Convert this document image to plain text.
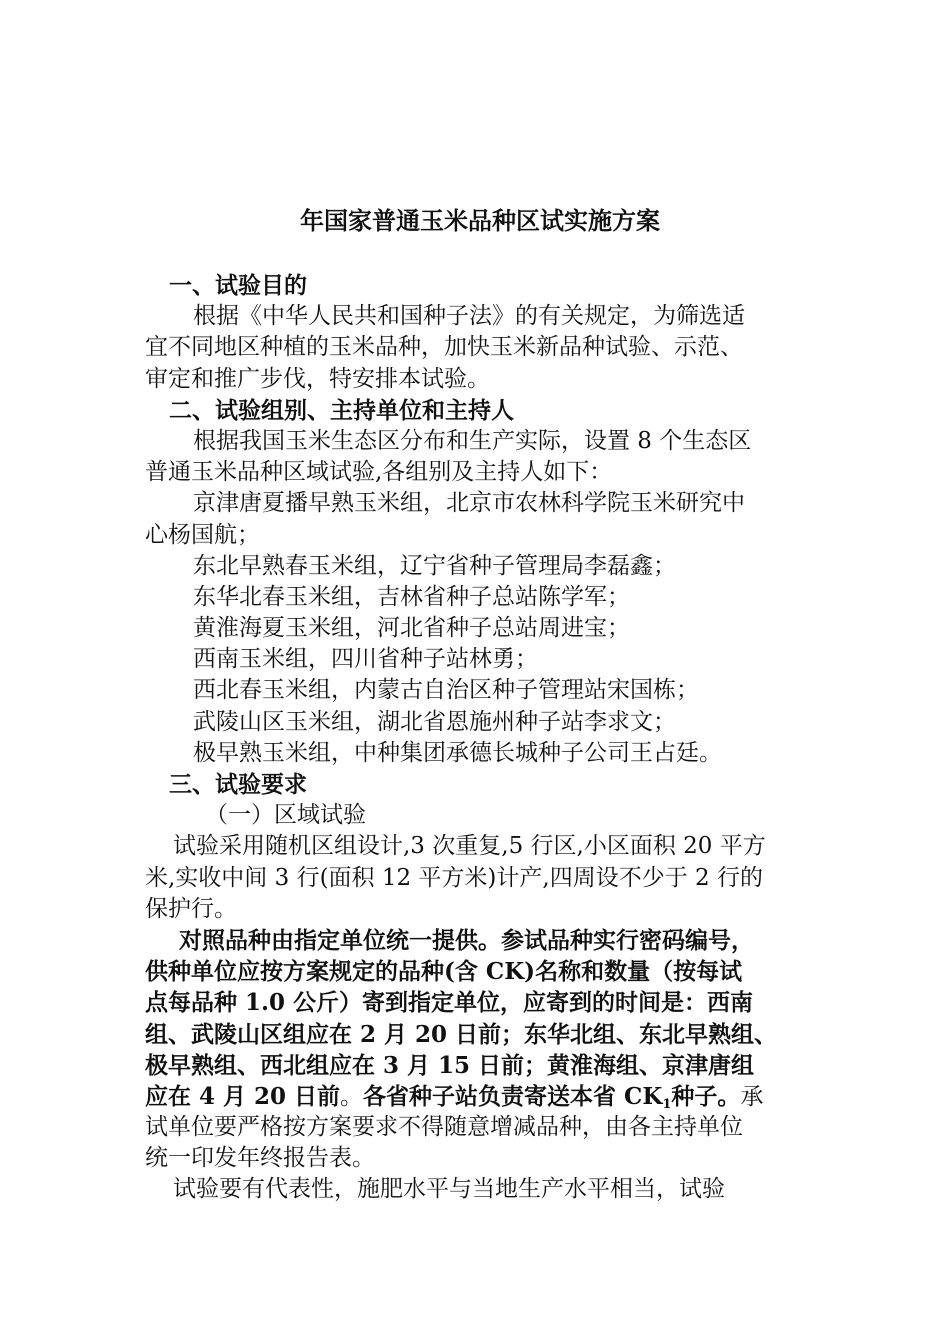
年国家普通玉米品种区试实施方案
一、试验目的
根据《中华人民共和国种子法》的有关规定，为筛选适
宜不同地区种植的玉米品种，加快玉米新品种试验、示范、
审定和推广步伐，特安排本试验。
二、试验组别、主持单位和主持人
根据我国玉米生态区分布和生产实际，设置 8 个生态区
普通玉米品种区域试验,各组别及主持人如下：
京津唐夏播早熟玉米组，北京市农林科学院玉米研究中
心杨国航；
东北早熟春玉米组，辽宁省种子管理局李磊鑫；
东华北春玉米组，吉林省种子总站陈学军；
黄淮海夏玉米组，河北省种子总站周进宝；
西南玉米组，四川省种子站林勇；
西北春玉米组，内蒙古自治区种子管理站宋国栋；
武陵山区玉米组，湖北省恩施州种子站李求文；
极早熟玉米组，中种集团承德长城种子公司王占廷。
三、试验要求
（一）区域试验
试验采用随机区组设计,3 次重复,5 行区,小区面积 20 平方
米,实收中间 3 行(面积 12 平方米)计产,四周设不少于 2 行的
保护行。
对照品种由指定单位统一提供。参试品种实行密码编号，
供种单位应按方案规定的品种(含 CK)名称和数量（按每试
点每品种 1.0 公斤）寄到指定单位，应寄到的时间是：西南
组、武陵山区组应在 2 月 20 日前；东华北组、东北早熟组、
极早熟组、西北组应在 3 月 15 日前；黄淮海组、京津唐组
应在 4 月 20 日前。各省种子站负责寄送本省 $CK_1$种子。承
试单位要严格按方案要求不得随意增减品种，由各主持单位
统一印发年终报告表。
试验要有代表性，施肥水平与当地生产水平相当，试验
